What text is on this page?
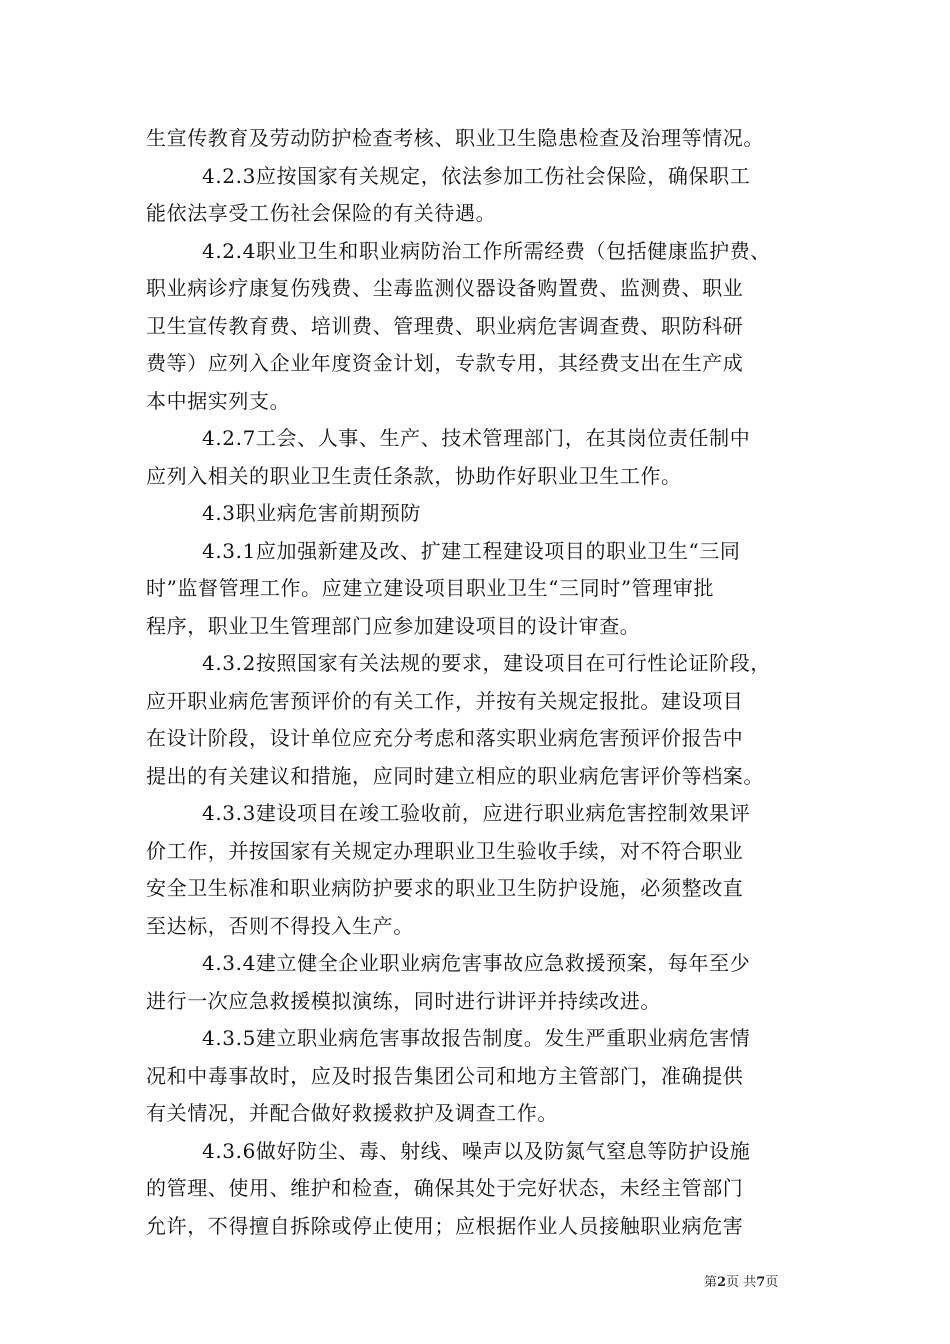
生宣传教育及劳动防护检查考核、职业卫生隐患检查及治理等情况。
4.2.3应按国家有关规定，依法参加工伤社会保险，确保职工
能依法享受工伤社会保险的有关待遇。
4.2.4职业卫生和职业病防治工作所需经费（包括健康监护费、
职业病诊疗康复伤残费、尘毒监测仪器设备购置费、监测费、职业
卫生宣传教育费、培训费、管理费、职业病危害调查费、职防科研
费等）应列入企业年度资金计划，专款专用，其经费支出在生产成
本中据实列支。
4.2.7工会、人事、生产、技术管理部门，在其岗位责任制中
应列入相关的职业卫生责任条款，协助作好职业卫生工作。
4.3职业病危害前期预防
4.3.1应加强新建及改、扩建工程建设项目的职业卫生“三同
时”监督管理工作。应建立建设项目职业卫生“三同时”管理审批
程序，职业卫生管理部门应参加建设项目的设计审查。
4.3.2按照国家有关法规的要求，建设项目在可行性论证阶段，
应开职业病危害预评价的有关工作，并按有关规定报批。建设项目
在设计阶段，设计单位应充分考虑和落实职业病危害预评价报告中
提出的有关建议和措施，应同时建立相应的职业病危害评价等档案。
4.3.3建设项目在竣工验收前，应进行职业病危害控制效果评
价工作，并按国家有关规定办理职业卫生验收手续，对不符合职业
安全卫生标准和职业病防护要求的职业卫生防护设施，必须整改直
至达标，否则不得投入生产。
4.3.4建立健全企业职业病危害事故应急救援预案，每年至少
进行一次应急救援模拟演练，同时进行讲评并持续改进。
4.3.5建立职业病危害事故报告制度。发生严重职业病危害情
况和中毒事故时，应及时报告集团公司和地方主管部门，准确提供
有关情况，并配合做好救援救护及调查工作。
4.3.6做好防尘、毒、射线、噪声以及防氮气窒息等防护设施
的管理、使用、维护和检查，确保其处于完好状态，未经主管部门
允许，不得擅自拆除或停止使用；应根据作业人员接触职业病危害
第2页 共7页
